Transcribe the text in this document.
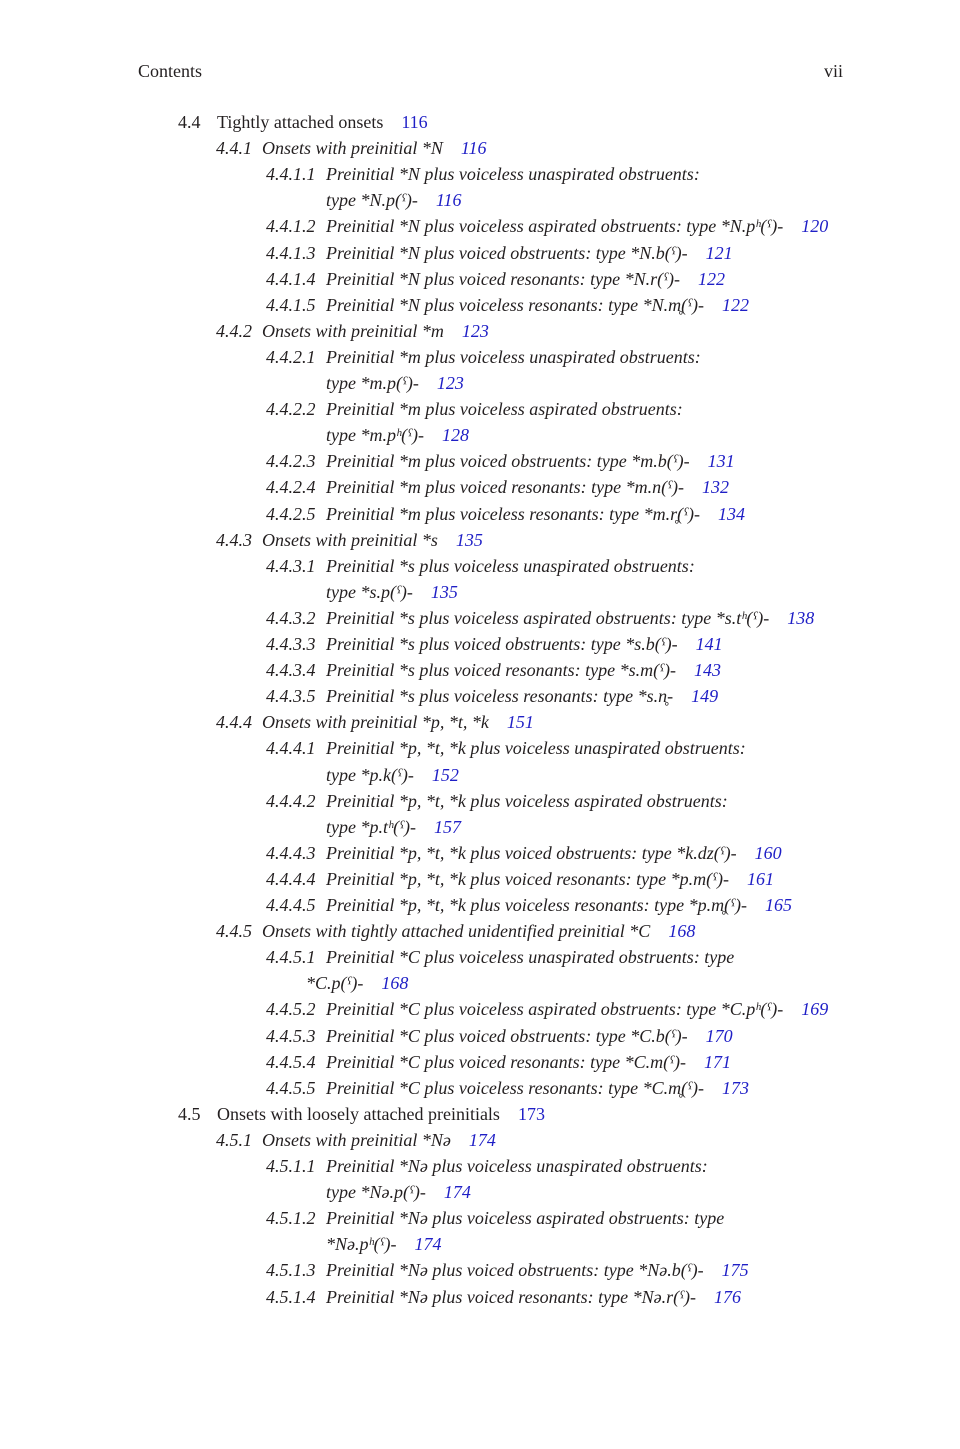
Contents	vii
4.4 Tightly attached onsets 116
4.4.1 Onsets with preinitial *N 116
4.4.1.1 Preinitial *N plus voiceless unaspirated obstruents:
type *N.p(ˁ)- 116
4.4.1.2 Preinitial *N plus voiceless aspirated obstruents: type *N.pʰ(ˁ)- 120
4.4.1.3 Preinitial *N plus voiced obstruents: type *N.b(ˁ)- 121
4.4.1.4 Preinitial *N plus voiced resonants: type *N.r(ˁ)- 122
4.4.1.5 Preinitial *N plus voiceless resonants: type *N.m̥(ˁ)- 122
4.4.2 Onsets with preinitial *m 123
4.4.2.1 Preinitial *m plus voiceless unaspirated obstruents:
type *m.p(ˁ)- 123
4.4.2.2 Preinitial *m plus voiceless aspirated obstruents:
type *m.pʰ(ˁ)- 128
4.4.2.3 Preinitial *m plus voiced obstruents: type *m.b(ˁ)- 131
4.4.2.4 Preinitial *m plus voiced resonants: type *m.n(ˁ)- 132
4.4.2.5 Preinitial *m plus voiceless resonants: type *m.r̥(ˁ)- 134
4.4.3 Onsets with preinitial *s 135
4.4.3.1 Preinitial *s plus voiceless unaspirated obstruents:
type *s.p(ˁ)- 135
4.4.3.2 Preinitial *s plus voiceless aspirated obstruents: type *s.tʰ(ˁ)- 138
4.4.3.3 Preinitial *s plus voiced obstruents: type *s.b(ˁ)- 141
4.4.3.4 Preinitial *s plus voiced resonants: type *s.m(ˁ)- 143
4.4.3.5 Preinitial *s plus voiceless resonants: type *s.n̥- 149
4.4.4 Onsets with preinitial *p, *t, *k 151
4.4.4.1 Preinitial *p, *t, *k plus voiceless unaspirated obstruents:
type *p.k(ˁ)- 152
4.4.4.2 Preinitial *p, *t, *k plus voiceless aspirated obstruents:
type *p.tʰ(ˁ)- 157
4.4.4.3 Preinitial *p, *t, *k plus voiced obstruents: type *k.dz(ˁ)- 160
4.4.4.4 Preinitial *p, *t, *k plus voiced resonants: type *p.m(ˁ)- 161
4.4.4.5 Preinitial *p, *t, *k plus voiceless resonants: type *p.m̥(ˁ)- 165
4.4.5 Onsets with tightly attached unidentified preinitial *C 168
4.4.5.1 Preinitial *C plus voiceless unaspirated obstruents: type
*C.p(ˁ)- 168
4.4.5.2 Preinitial *C plus voiceless aspirated obstruents: type *C.pʰ(ˁ)- 169
4.4.5.3 Preinitial *C plus voiced obstruents: type *C.b(ˁ)- 170
4.4.5.4 Preinitial *C plus voiced resonants: type *C.m(ˁ)- 171
4.4.5.5 Preinitial *C plus voiceless resonants: type *C.m̥(ˁ)- 173
4.5 Onsets with loosely attached preinitials 173
4.5.1 Onsets with preinitial *Nə 174
4.5.1.1 Preinitial *Nə plus voiceless unaspirated obstruents:
type *Nə.p(ˁ)- 174
4.5.1.2 Preinitial *Nə plus voiceless aspirated obstruents: type
*Nə.pʰ(ˁ)- 174
4.5.1.3 Preinitial *Nə plus voiced obstruents: type *Nə.b(ˁ)- 175
4.5.1.4 Preinitial *Nə plus voiced resonants: type *Nə.r(ˁ)- 176
